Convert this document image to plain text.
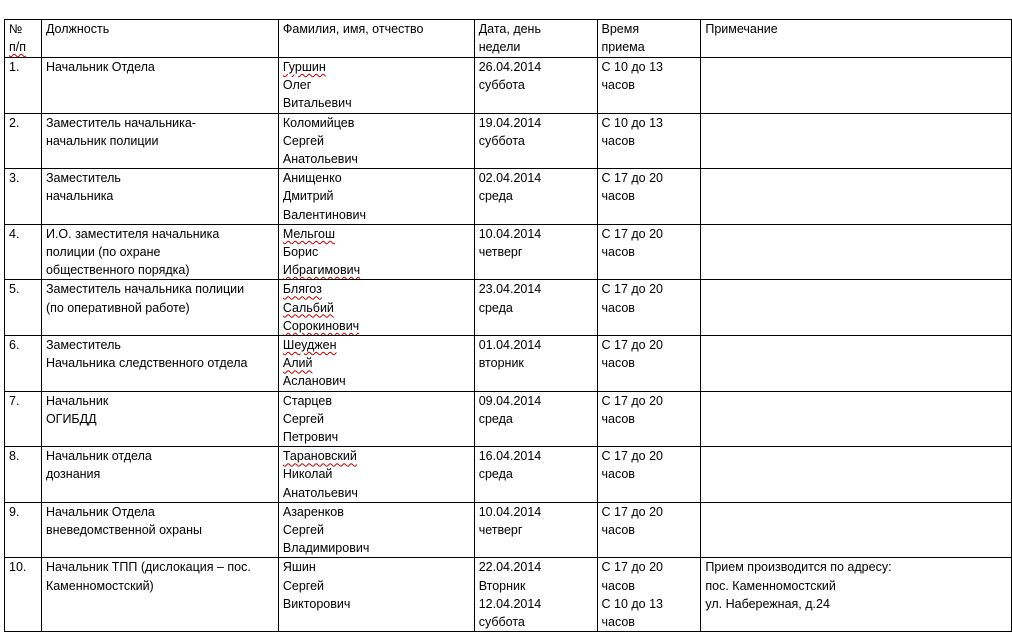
№
п/п	Должность	Фамилия, имя, отчество	Дата, день
недели	Время
приема	Примечание
1.	Начальник Отдела	Гуршин
Олег
Витальевич	26.04.2014
суббота	С 10 до 13
часов	

2.	Заместитель начальника-
начальник полиции	Коломийцев
Сергей
Анатольевич	19.04.2014
суббота	С 10 до 13
часов	

3.	Заместитель
начальника	Анищенко
Дмитрий
Валентинович	02.04.2014
среда	С 17 до 20
часов	

4.	И.О. заместителя начальника
полиции (по охране
общественного порядка)	Мельгош
Борис
Ибрагимович	10.04.2014
четверг	С 17 до 20
часов	

5.	Заместитель начальника полиции
(по оперативной работе)	Блягоз
Сальбий
Сорокинович	23.04.2014
среда	С 17 до 20
часов	

6.	Заместитель
Начальника следственного отдела	Шеуджен
Алий
Асланович	01.04.2014
вторник	С 17 до 20
часов	

7.	Начальник
ОГИБДД	Старцев
Сергей
Петрович	09.04.2014
среда	С 17 до 20
часов	

8.	Начальник отдела
дознания	Тарановский
Николай
Анатольевич	16.04.2014
среда	С 17 до 20
часов	

9.	Начальник Отдела
вневедомственной охраны	Азаренков
Сергей
Владимирович	10.04.2014
четверг	С 17 до 20
часов	

10.	Начальник ТПП (дислокация – пос.
Каменномостский)	Яшин
Сергей
Викторович	22.04.2014
Вторник
12.04.2014
суббота	С 17 до 20
часов
С 10 до 13
часов	Прием производится по адресу:
пос. Каменномостский
ул. Набережная, д.24
